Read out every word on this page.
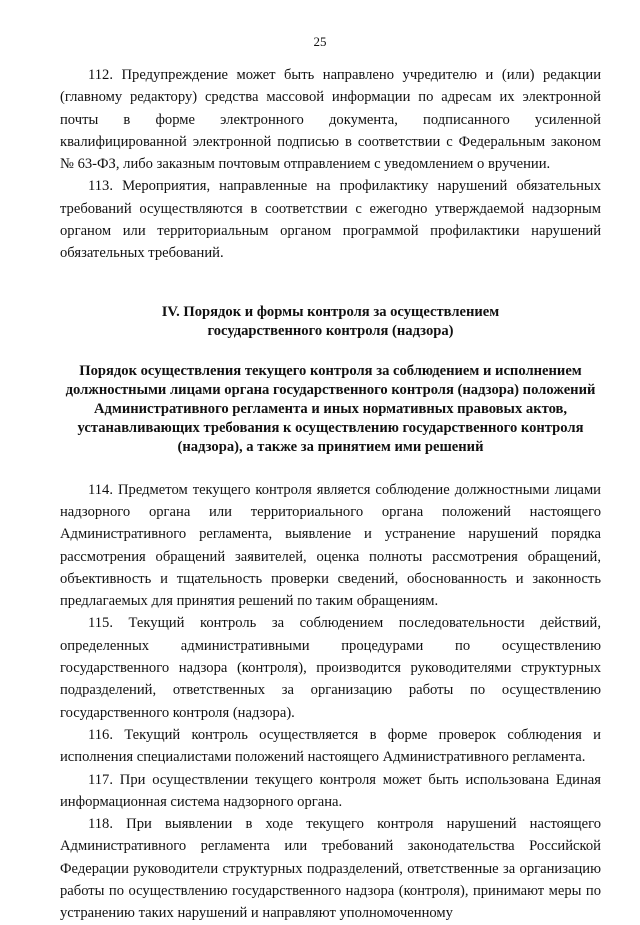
25

112. Предупреждение может быть направлено учредителю и (или) редакции (главному редактору) средства массовой информации по адресам их электронной почты в форме электронного документа, подписанного усиленной квалифицированной электронной подписью в соответствии с Федеральным законом № 63-ФЗ, либо заказным почтовым отправлением с уведомлением о вручении.

113. Мероприятия, направленные на профилактику нарушений обязательных требований осуществляются в соответствии с ежегодно утверждаемой надзорным органом или территориальным органом программой профилактики нарушений обязательных требований.

IV. Порядок и формы контроля за осуществлением государственного контроля (надзора)
Порядок осуществления текущего контроля за соблюдением и исполнением должностными лицами органа государственного контроля (надзора) положений Административного регламента и иных нормативных правовых актов, устанавливающих требования к осуществлению государственного контроля (надзора), а также за принятием ими решений

114. Предметом текущего контроля является соблюдение должностными лицами надзорного органа или территориального органа положений настоящего Административного регламента, выявление и устранение нарушений порядка рассмотрения обращений заявителей, оценка полноты рассмотрения обращений, объективность и тщательность проверки сведений, обоснованность и законность предлагаемых для принятия решений по таким обращениям.

115. Текущий контроль за соблюдением последовательности действий, определенных административными процедурами по осуществлению государственного надзора (контроля), производится руководителями структурных подразделений, ответственных за организацию работы по осуществлению государственного контроля (надзора).

116. Текущий контроль осуществляется в форме проверок соблюдения и исполнения специалистами положений настоящего Административного регламента.

117. При осуществлении текущего контроля может быть использована Единая информационная система надзорного органа.

118. При выявлении в ходе текущего контроля нарушений настоящего Административного регламента или требований законодательства Российской Федерации руководители структурных подразделений, ответственные за организацию работы по осуществлению государственного надзора (контроля), принимают меры по устранению таких нарушений и направляют уполномоченному
